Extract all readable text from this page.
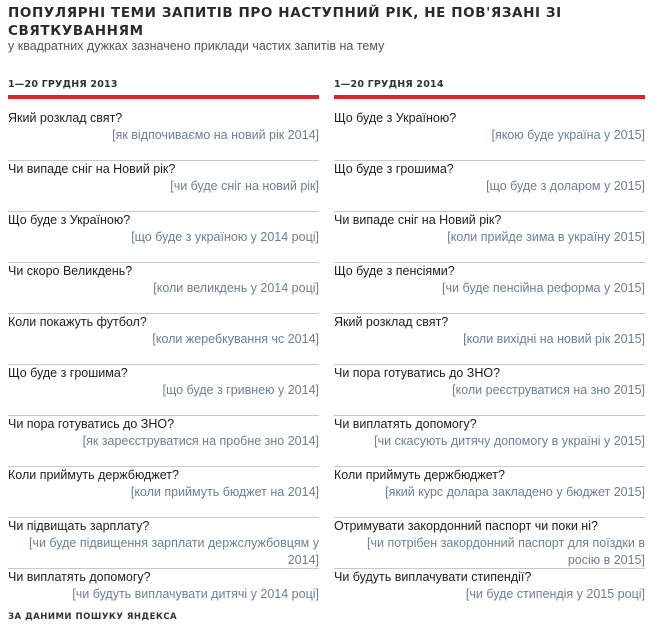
ПОПУЛЯРНІ ТЕМИ ЗАПИТІВ ПРО НАСТУПНИЙ РІК, НЕ ПОВ'ЯЗАНІ ЗІ СВЯТКУВАННЯМ

у квадратних дужках зазначено приклади частих запитів на тему

1—20 ГРУДНЯ 2013
Який розклад свят?
[як відпочиваємо на новий рік 2014]
Чи випаде сніг на Новий рік?
[чи буде сніг на новий рік]
Що буде з Україною?
[що буде з україною у 2014 році]
Чи скоро Великдень?
[коли великдень у 2014 році]
Коли покажуть футбол?
[коли жеребкування чс 2014]
Що буде з грошима?
[що буде з гривнею у 2014]
Чи пора готуватись до ЗНО?
[як зареєструватися на пробне зно 2014]
Коли приймуть держбюджет?
[коли приймуть бюджет на 2014]
Чи підвищать зарплату?
[чи буде підвищення зарплати держслужбовцям у 2014]
Чи виплатять допомогу?
[чи будуть виплачувати дитячі у 2014 році]
1—20 ГРУДНЯ 2014
Що буде з Україною?
[якою буде україна у 2015]
Що буде з грошима?
[що буде з доларом у 2015]
Чи випаде сніг на Новий рік?
[коли прийде зима в україну 2015]
Що буде з пенсіями?
[чи буде пенсійна реформа у 2015]
Який розклад свят?
[коли вихідні на новий рік 2015]
Чи пора готуватись до ЗНО?
[коли реєструватися на зно 2015]
Чи виплатять допомогу?
[чи скасують дитячу допомогу в україні у 2015]
Коли приймуть держбюджет?
[який курс долара закладено у бюджет 2015]
Отримувати закордонний паспорт чи поки ні?
[чи потрібен закордонний паспорт для поїздки в росію в 2015]
Чи будуть виплачувати стипендії?
[чи буде стипендія у 2015 році]
ЗА ДАНИМИ ПОШУКУ ЯНДЕКСА
